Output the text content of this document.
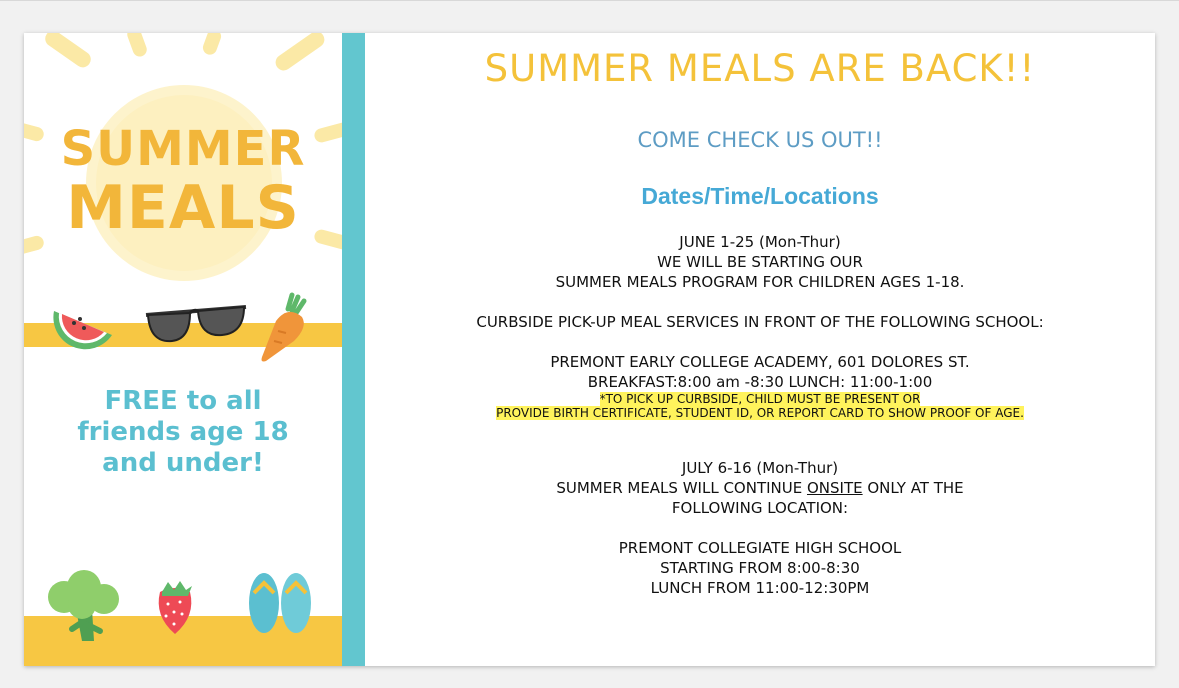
SUMMER
MEALS
FREE to all
friends age 18
and under!
SUMMER MEALS ARE BACK!!
COME CHECK US OUT!!
Dates/Time/Locations
JUNE 1-25 (Mon-Thur)
WE WILL BE STARTING OUR
SUMMER MEALS PROGRAM FOR CHILDREN AGES 1-18.
CURBSIDE PICK-UP MEAL SERVICES IN FRONT OF THE FOLLOWING SCHOOL:
PREMONT EARLY COLLEGE ACADEMY, 601 DOLORES ST.
BREAKFAST:8:00 am -8:30 LUNCH: 11:00-1:00
*TO PICK UP CURBSIDE, CHILD MUST BE PRESENT OR
PROVIDE BIRTH CERTIFICATE, STUDENT ID, OR REPORT CARD TO SHOW PROOF OF AGE.
JULY 6-16 (Mon-Thur)
SUMMER MEALS WILL CONTINUE ONSITE ONLY AT THE
FOLLOWING LOCATION:
PREMONT COLLEGIATE HIGH SCHOOL
STARTING FROM 8:00-8:30
LUNCH FROM 11:00-12:30PM
